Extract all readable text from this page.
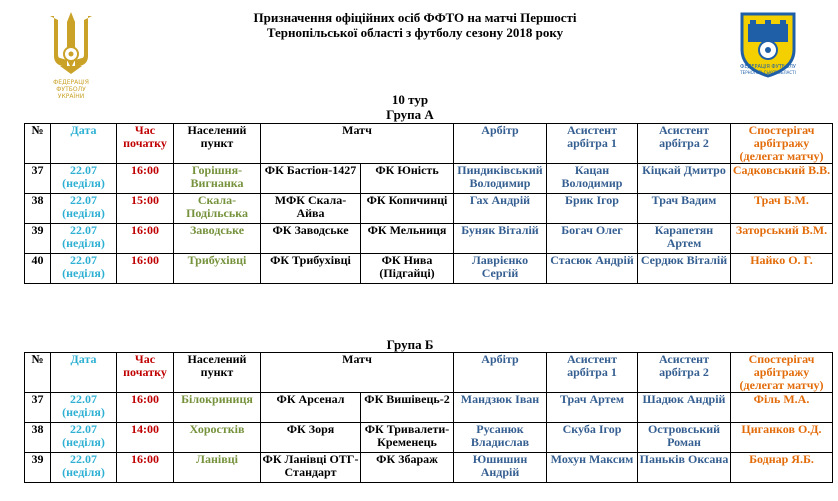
ФЕДЕРАЦІЯ
ФУТБОЛУ
УКРАЇНИ
ФЕДЕРАЦІЯ ФУТБОЛУ
ТЕРНОПІЛЬСЬКОЇ ОБЛАСТІ
Призначення офіційних осіб ФФТО на матчі Першості
Тернопільської області з футболу сезону 2018 року
10 тур
Група А
№	Дата	Час початку	Населений пункт	Матч		Арбітр	Асистент арбітра 1	Асистент арбітра 2	Спостерігач арбітражу (делегат матчу)
37	22.07 (неділя)	16:00	Горішня-Вигнанка	ФК Бастіон-1427	ФК Юність	Пиндиківський Володимир	Кацан Володимир	Кіцкай Дмитро	Садковський В.В.
38	22.07 (неділя)	15:00	Скала-Подільська	МФК Скала-Айва	ФК Копичинці	Гах Андрій	Брик Ігор	Трач Вадим	Трач Б.М.
39	22.07 (неділя)	16:00	Заводське	ФК Заводське	ФК Мельниця	Буняк Віталій	Богач Олег	Карапетян Артем	Заторський В.М.
40	22.07 (неділя)	16:00	Трибухівці	ФК Трибухівці	ФК Нива (Підгайці)	Лаврієнко Сергій	Стасюк Андрій	Сердюк Віталій	Найко О. Г.
Група Б
№	Дата	Час початку	Населений пункт	Матч		Арбітр	Асистент арбітра 1	Асистент арбітра 2	Спостерігач арбітражу (делегат матчу)
37	22.07 (неділя)	16:00	Білокриниця	ФК Арсенал	ФК Вишівець-2	Мандзюк Іван	Трач Артем	Шадюк Андрій	Філь М.А.
38	22.07 (неділя)	14:00	Хоростків	ФК Зоря	ФК Тривалети-Кременець	Русанюк Владислав	Скуба Ігор	Островський Роман	Циганков О.Д.
39	22.07 (неділя)	16:00	Ланівці	ФК Ланівці ОТГ-Стандарт	ФК Збараж	Юшишин Андрій	Мохун Максим	Паньків Оксана	Боднар Я.Б.
